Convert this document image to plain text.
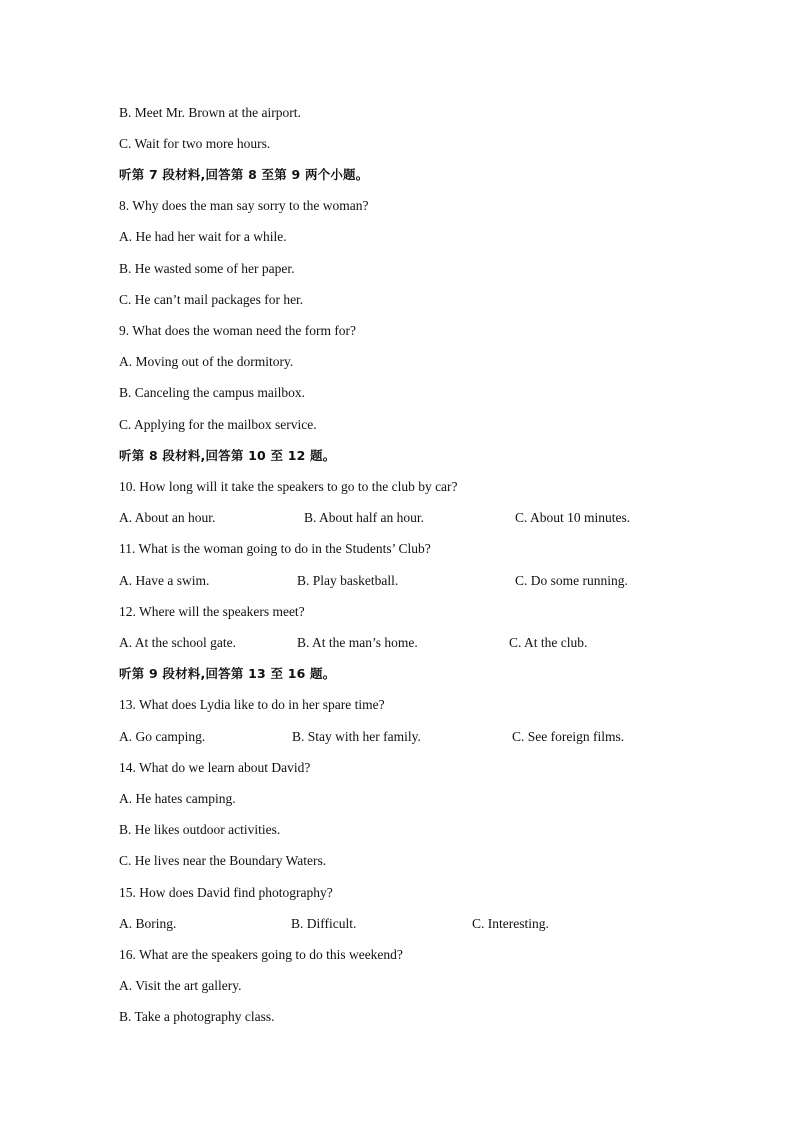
B. Meet Mr. Brown at the airport.
C. Wait for two more hours.
听第 7 段材料,回答第 8 至第 9 两个小题。
8. Why does the man say sorry to the woman?
A. He had her wait for a while.
B. He wasted some of her paper.
C. He can’t mail packages for her.
9. What does the woman need the form for?
A. Moving out of the dormitory.
B. Canceling the campus mailbox.
C. Applying for the mailbox service.
听第 8 段材料,回答第 10 至 12 题。
10. How long will it take the speakers to go to the club by car?
A. About an hour.	B. About half an hour.	C. About 10 minutes.
11. What is the woman going to do in the Students’ Club?
A. Have a swim.	B. Play basketball.	C. Do some running.
12. Where will the speakers meet?
A. At the school gate.	B. At the man’s home.	C. At the club.
听第 9 段材料,回答第 13 至 16 题。
13. What does Lydia like to do in her spare time?
A. Go camping.	B. Stay with her family.	C. See foreign films.
14. What do we learn about David?
A. He hates camping.
B. He likes outdoor activities.
C. He lives near the Boundary Waters.
15. How does David find photography?
A. Boring.	B. Difficult.	C. Interesting.
16. What are the speakers going to do this weekend?
A. Visit the art gallery.
B. Take a photography class.
